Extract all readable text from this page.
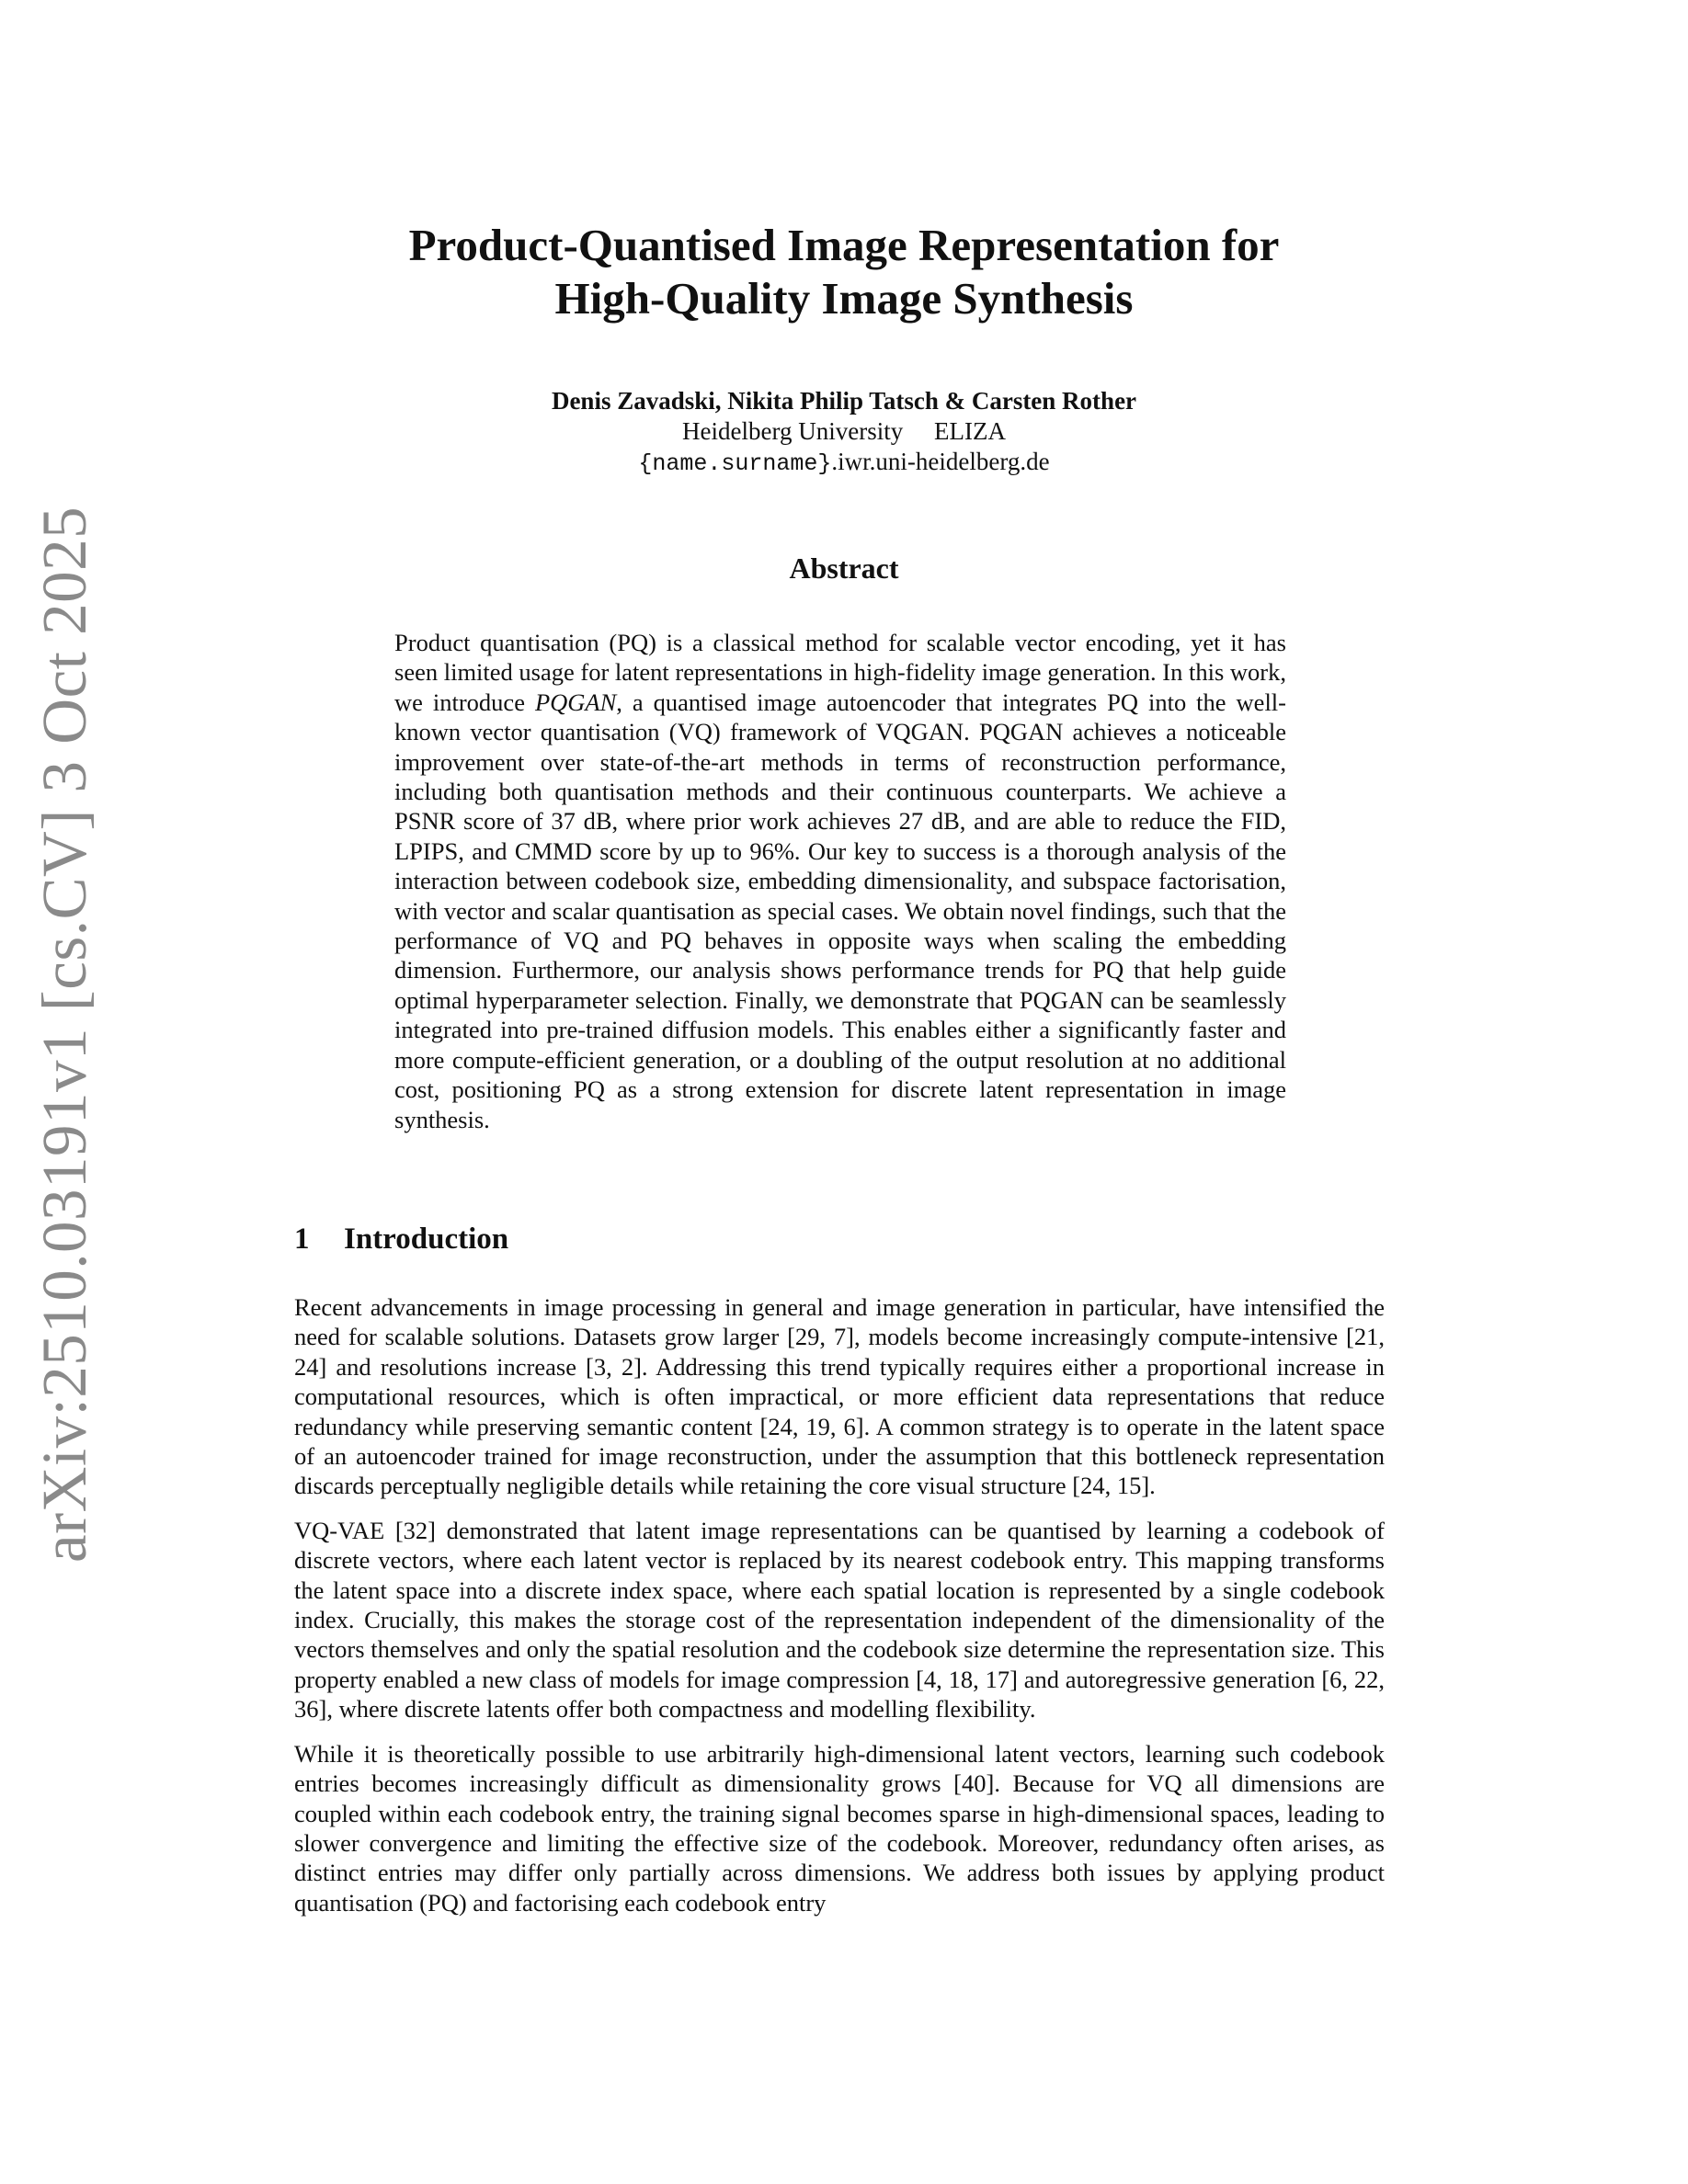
arXiv:2510.03191v1 [cs.CV] 3 Oct 2025
Product-Quantised Image Representation for
High-Quality Image Synthesis
Denis Zavadski, Nikita Philip Tatsch & Carsten Rother
Heidelberg University ELIZA
{name.surname}.iwr.uni-heidelberg.de
Abstract

Product quantisation (PQ) is a classical method for scalable vector encoding, yet it has seen limited usage for latent representations in high-fidelity image generation. In this work, we introduce PQGAN, a quantised image autoencoder that integrates PQ into the well-known vector quantisation (VQ) framework of VQGAN. PQGAN achieves a noticeable improvement over state-of-the-art methods in terms of reconstruction performance, including both quantisation methods and their continuous counterparts. We achieve a PSNR score of 37 dB, where prior work achieves 27 dB, and are able to reduce the FID, LPIPS, and CMMD score by up to 96%. Our key to success is a thorough analysis of the interaction between codebook size, embedding dimensionality, and subspace factorisation, with vector and scalar quantisation as special cases. We obtain novel findings, such that the performance of VQ and PQ behaves in opposite ways when scaling the embedding dimension. Furthermore, our analysis shows performance trends for PQ that help guide optimal hyperparameter selection. Finally, we demonstrate that PQGAN can be seamlessly integrated into pre-trained diffusion models. This enables either a significantly faster and more compute-efficient generation, or a doubling of the output resolution at no additional cost, positioning PQ as a strong extension for discrete latent representation in image synthesis.

1 Introduction

Recent advancements in image processing in general and image generation in particular, have intensified the need for scalable solutions. Datasets grow larger [29, 7], models become increasingly compute-intensive [21, 24] and resolutions increase [3, 2]. Addressing this trend typically requires either a proportional increase in computational resources, which is often impractical, or more efficient data representations that reduce redundancy while preserving semantic content [24, 19, 6]. A common strategy is to operate in the latent space of an autoencoder trained for image reconstruction, under the assumption that this bottleneck representation discards perceptually negligible details while retaining the core visual structure [24, 15].

VQ-VAE [32] demonstrated that latent image representations can be quantised by learning a codebook of discrete vectors, where each latent vector is replaced by its nearest codebook entry. This mapping transforms the latent space into a discrete index space, where each spatial location is represented by a single codebook index. Crucially, this makes the storage cost of the representation independent of the dimensionality of the vectors themselves and only the spatial resolution and the codebook size determine the representation size. This property enabled a new class of models for image compression [4, 18, 17] and autoregressive generation [6, 22, 36], where discrete latents offer both compactness and modelling flexibility.

While it is theoretically possible to use arbitrarily high-dimensional latent vectors, learning such codebook entries becomes increasingly difficult as dimensionality grows [40]. Because for VQ all dimensions are coupled within each codebook entry, the training signal becomes sparse in high-dimensional spaces, leading to slower convergence and limiting the effective size of the codebook. Moreover, redundancy often arises, as distinct entries may differ only partially across dimensions. We address both issues by applying product quantisation (PQ) and factorising each codebook entry
